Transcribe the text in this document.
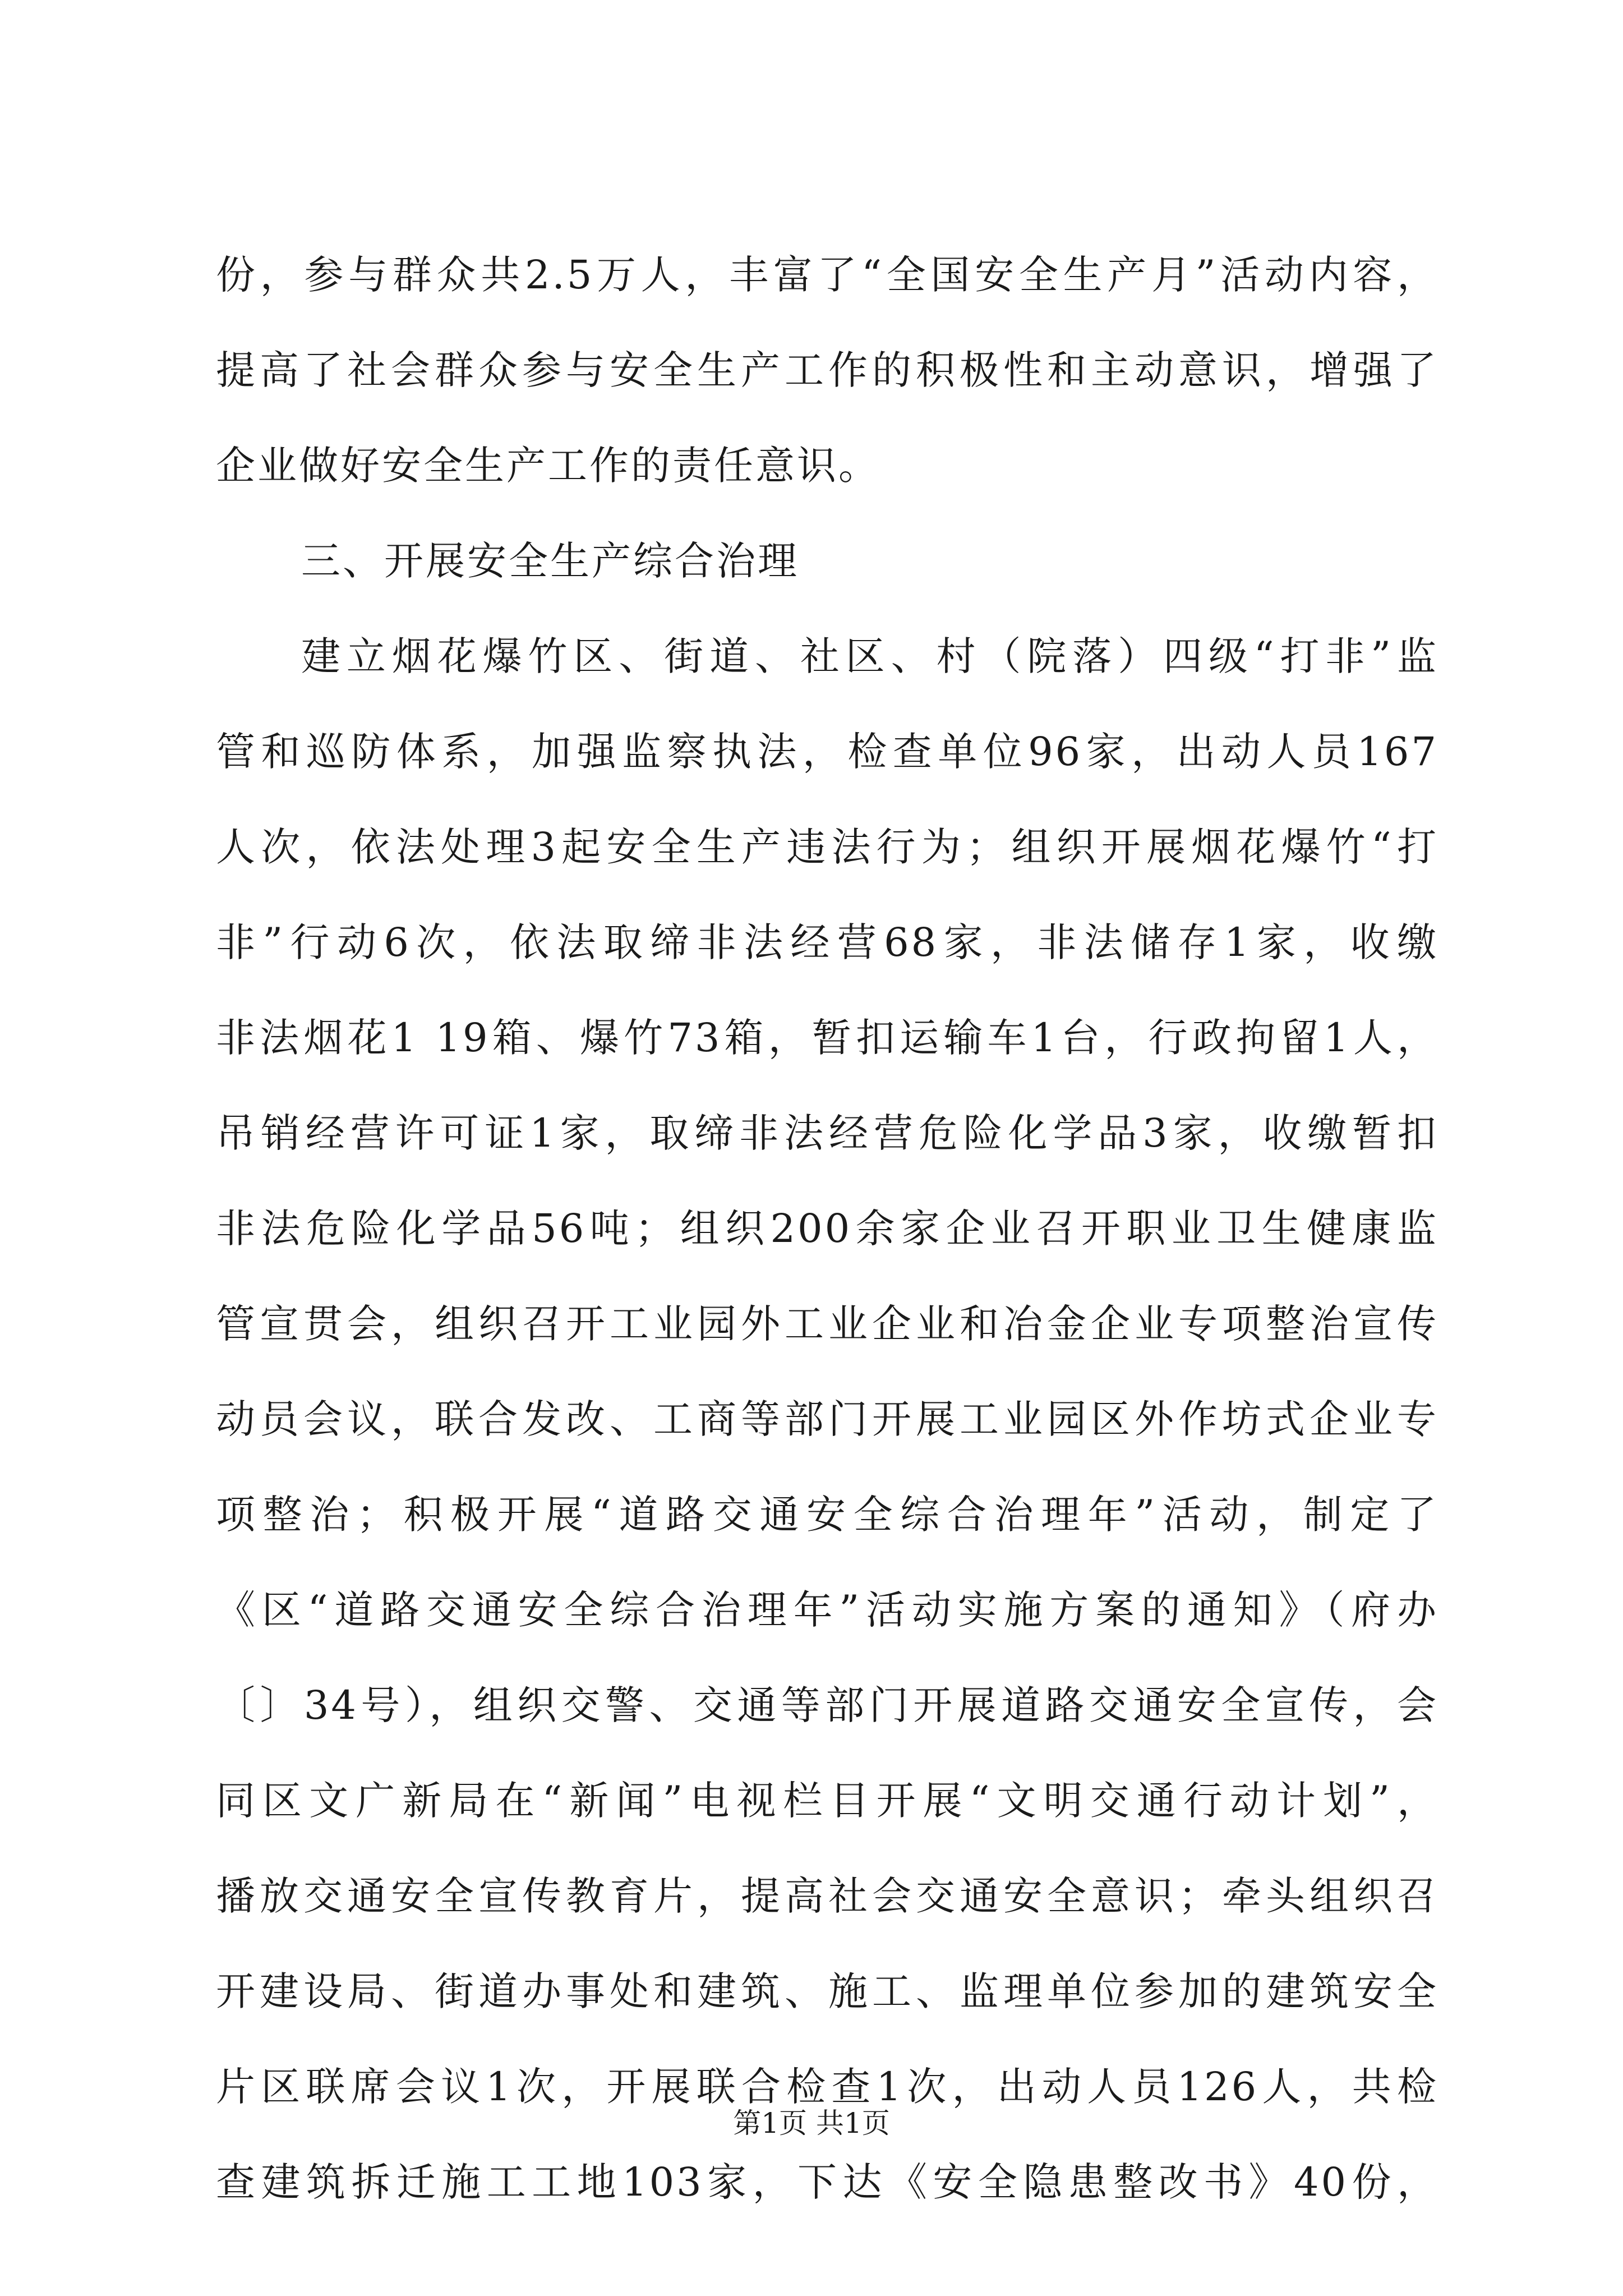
份，参与群众共2.5万人，丰富了“全国安全生产月”活动内容，
提高了社会群众参与安全生产工作的积极性和主动意识，增强了
企业做好安全生产工作的责任意识。
三、开展安全生产综合治理
建立烟花爆竹区、街道、社区、村（院落）四级“打非”监
管和巡防体系，加强监察执法，检查单位96家，出动人员167
人次，依法处理3起安全生产违法行为；组织开展烟花爆竹“打
非”行动6次，依法取缔非法经营68家，非法储存1家，收缴
非法烟花1 19箱、爆竹73箱，暂扣运输车1台，行政拘留1人，
吊销经营许可证1家，取缔非法经营危险化学品3家，收缴暂扣
非法危险化学品56吨；组织200余家企业召开职业卫生健康监
管宣贯会，组织召开工业园外工业企业和冶金企业专项整治宣传
动员会议，联合发改、工商等部门开展工业园区外作坊式企业专
项整治；积极开展“道路交通安全综合治理年”活动，制定了
《区“道路交通安全综合治理年”活动实施方案的通知》（府办
〔〕34号），组织交警、交通等部门开展道路交通安全宣传，会
同区文广新局在“新闻”电视栏目开展“文明交通行动计划”，
播放交通安全宣传教育片，提高社会交通安全意识；牵头组织召
开建设局、街道办事处和建筑、施工、监理单位参加的建筑安全
片区联席会议1次，开展联合检查1次，出动人员126人，共检
查建筑拆迁施工工地103家，下达《安全隐患整改书》40份，
第1页 共1页
